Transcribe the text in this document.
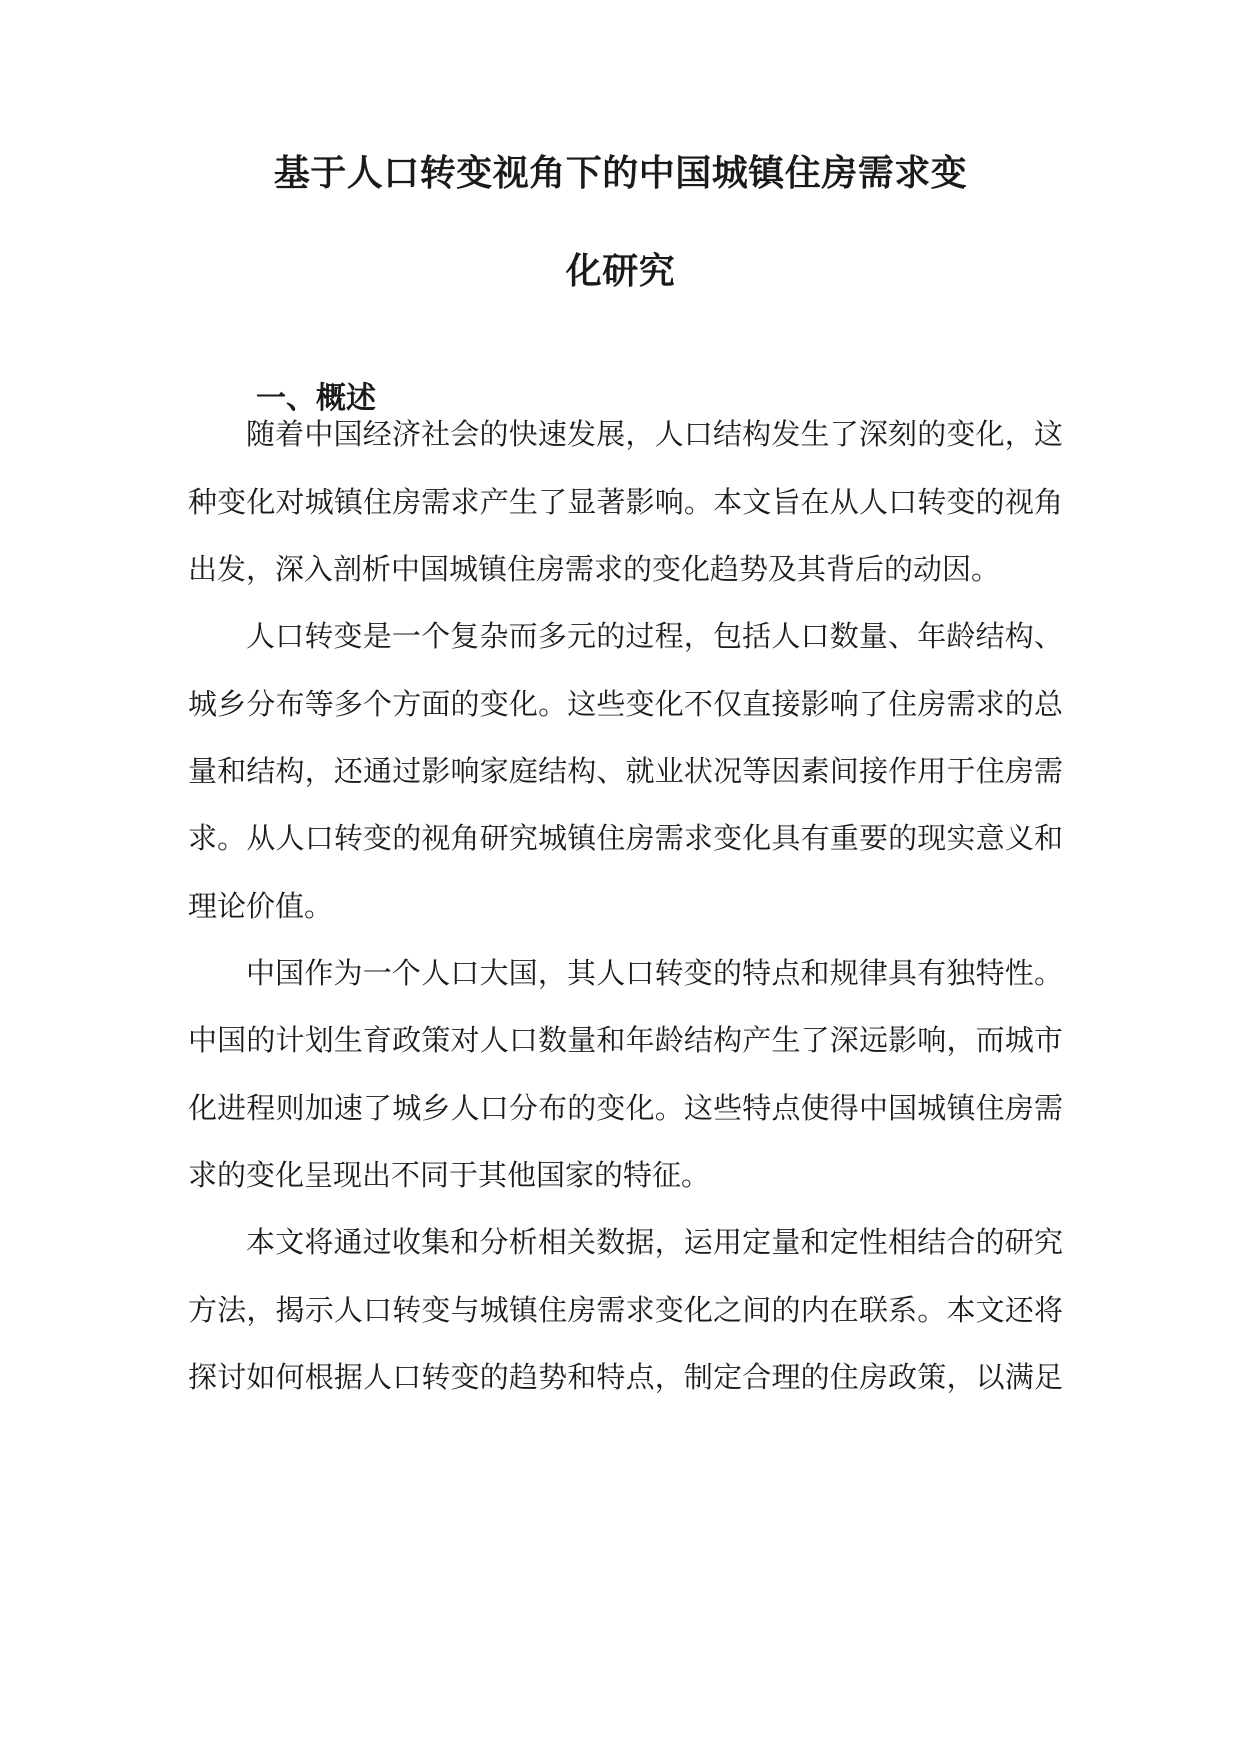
基于人口转变视角下的中国城镇住房需求变
化研究
一、概述
随着中国经济社会的快速发展，人口结构发生了深刻的变化，这
种变化对城镇住房需求产生了显著影响。本文旨在从人口转变的视角
出发，深入剖析中国城镇住房需求的变化趋势及其背后的动因。
人口转变是一个复杂而多元的过程，包括人口数量、年龄结构、
城乡分布等多个方面的变化。这些变化不仅直接影响了住房需求的总
量和结构，还通过影响家庭结构、就业状况等因素间接作用于住房需
求。从人口转变的视角研究城镇住房需求变化具有重要的现实意义和
理论价值。
中国作为一个人口大国，其人口转变的特点和规律具有独特性。
中国的计划生育政策对人口数量和年龄结构产生了深远影响，而城市
化进程则加速了城乡人口分布的变化。这些特点使得中国城镇住房需
求的变化呈现出不同于其他国家的特征。
本文将通过收集和分析相关数据，运用定量和定性相结合的研究
方法，揭示人口转变与城镇住房需求变化之间的内在联系。本文还将
探讨如何根据人口转变的趋势和特点，制定合理的住房政策，以满足
